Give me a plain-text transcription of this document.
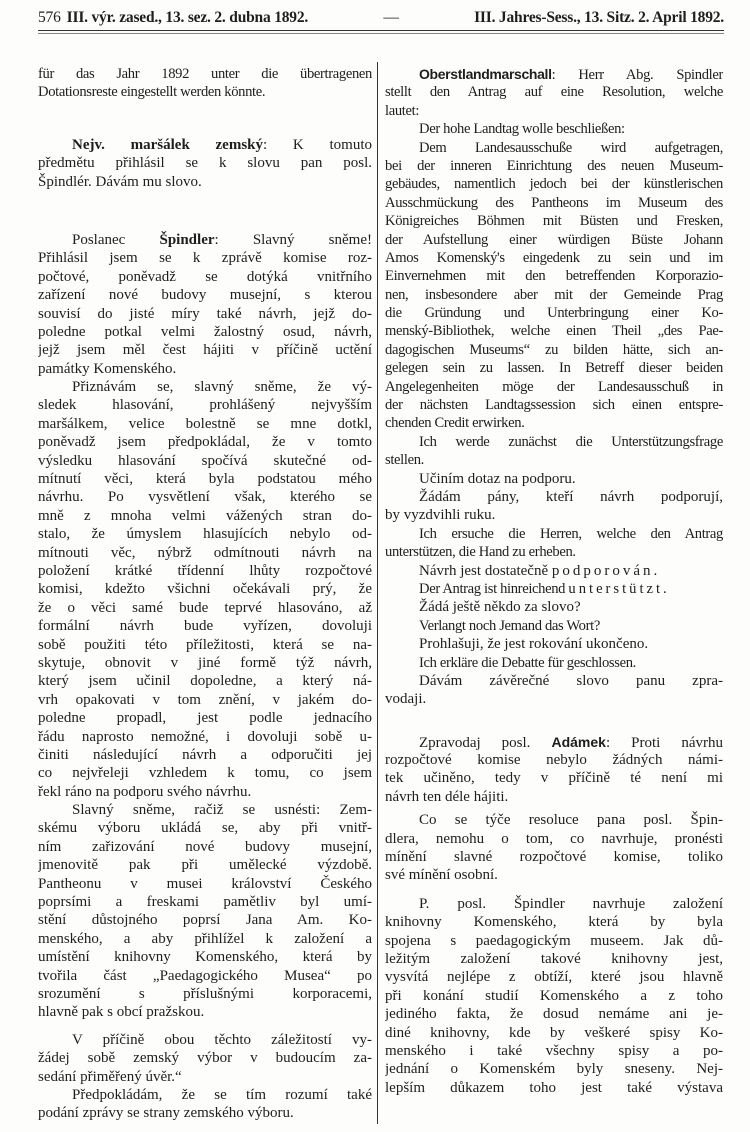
576 III. výr. zased., 13. sez. 2. dubna 1892.	—	III. Jahres-Sess., 13. Sitz. 2. April 1892.
für das Jahr 1892 unter die übertragenen
Dotationsreste eingestellt werden könnte.
Nejv. maršálek zemský: K tomuto
předmětu přihlásil se k slovu pan posl.
Špindlér. Dávám mu slovo.
Poslanec Špindler: Slavný sněme!
Přihlásil jsem se k zprávě komise roz-
počtové, poněvadž se dotýká vnitřního
zařízení nové budovy musejní, s kterou
souvisí do jisté míry také návrh, jejž do-
poledne potkal velmi žalostný osud, návrh,
jejž jsem měl čest hájiti v příčině uctění
památky Komenského.
Přiznávám se, slavný sněme, že vý-
sledek hlasování, prohlášený nejvyšším
maršálkem, velice bolestně se mne dotkl,
poněvadž jsem předpokládal, že v tomto
výsledku hlasování spočívá skutečné od-
mítnutí věci, která byla podstatou mého
návrhu. Po vysvětlení však, kterého se
mně z mnoha velmi vážených stran do-
stalo, že úmyslem hlasujících nebylo od-
mítnouti věc, nýbrž odmítnouti návrh na
položení krátké třídenní lhůty rozpočtové
komisi, kdežto všichni očekávali prý, že
že o věci samé bude teprvé hlasováno, až
formální návrh bude vyřízen, dovoluji
sobě použiti této příležitosti, která se na-
skytuje, obnovit v jiné formě týž návrh,
který jsem učinil dopoledne, a který ná-
vrh opakovati v tom znění, v jakém do-
poledne propadl, jest podle jednacího
řádu naprosto nemožné, i dovoluji sobě u-
činiti následující návrh a odporučiti jej
co nejvřeleji vzhledem k tomu, co jsem
řekl ráno na podporu svého návrhu.
Slavný sněme, račiž se usnésti: Zem-
skému výboru ukládá se, aby při vnitř-
ním zařizování nové budovy musejní,
jmenovitě pak při umělecké výzdobě.
Pantheonu v musei království Českého
poprsími a freskami pamětliv byl umí-
stění důstojného poprsí Jana Am. Ko-
menského, a aby přihlížel k založení a
umístění knihovny Komenského, která by
tvořila část „Paedagogického Musea“ po
srozumění s příslušnými korporacemi,
hlavně pak s obcí pražskou.
V příčině obou těchto záležitostí vy-
žádej sobě zemský výbor v budoucím za-
sedání přiměřený úvěr.“
Předpokládám, že se tím rozumí také
podání zprávy se strany zemského výboru.
Oberstlandmarschall: Herr Abg. Spindler
stellt den Antrag auf eine Resolution, welche
lautet:
Der hohe Landtag wolle beschließen:
Dem Landesausschuße wird aufgetragen,
bei der inneren Einrichtung des neuen Museum-
gebäudes, namentlich jedoch bei der künstlerischen
Ausschmückung des Pantheons im Museum des
Königreiches Böhmen mit Büsten und Fresken,
der Aufstellung einer würdigen Büste Johann
Amos Komenský's eingedenk zu sein und im
Einvernehmen mit den betreffenden Korporazio-
nen, insbesondere aber mit der Gemeinde Prag
die Gründung und Unterbringung einer Ko-
menský-Bibliothek, welche einen Theil „des Pae-
dagogischen Museums“ zu bilden hätte, sich an-
gelegen sein zu lassen. In Betreff dieser beiden
Angelegenheiten möge der Landesausschuß in
der nächsten Landtagssession sich einen entspre-
chenden Credit erwirken.
Ich werde zunächst die Unterstützungsfrage
stellen.
Učiním dotaz na podporu.
Žádám pány, kteří návrh podporují,
by vyzdvihli ruku.
Ich ersuche die Herren, welche den Antrag
unterstützen, die Hand zu erheben.
Návrh jest dostatečně podporován.
Der Antrag ist hinreichend unterstützt.
Žádá ještě někdo za slovo?
Verlangt noch Jemand das Wort?
Prohlašuji, že jest rokování ukončeno.
Ich erkläre die Debatte für geschlossen.
Dávám závěrečné slovo panu zpra-
vodaji.
Zpravodaj posl. Adámek: Proti návrhu
rozpočtové komise nebylo žádných námi-
tek učiněno, tedy v příčině té není mi
návrh ten déle hájiti.
Co se týče resoluce pana posl. Špin-
dlera, nemohu o tom, co navrhuje, pronésti
mínění slavné rozpočtové komise, toliko
své mínění osobní.
P. posl. Špindler navrhuje založení
knihovny Komenského, která by byla
spojena s paedagogickým museem. Jak dů-
ležitým založení takové knihovny jest,
vysvítá nejlépe z obtíží, které jsou hlavně
při konání studií Komenského a z toho
jediného fakta, že dosud nemáme ani je-
diné knihovny, kde by veškeré spisy Ko-
menského i také všechny spisy a po-
jednání o Komenském byly sneseny. Nej-
lepším důkazem toho jest také výstava
